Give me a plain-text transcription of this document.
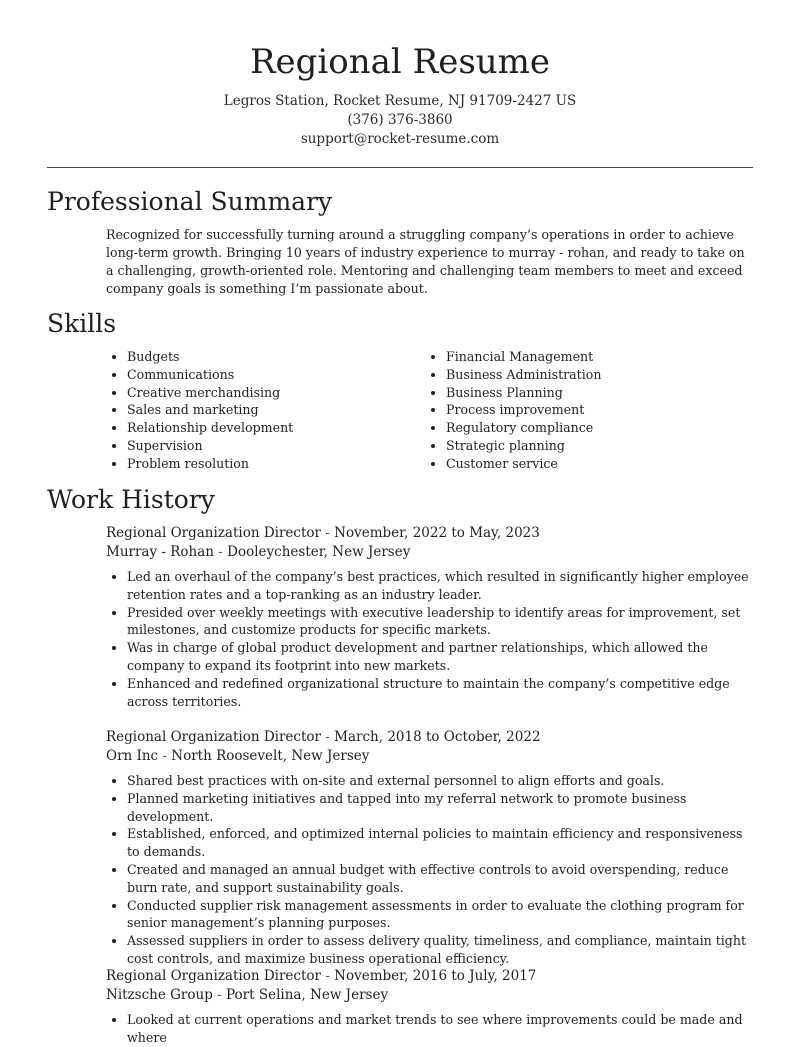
Regional Resume
Legros Station, Rocket Resume, NJ 91709-2427 US
(376) 376-3860
support@rocket-resume.com
Professional Summary

Recognized for successfully turning around a struggling company’s operations in order to achieve long-term growth. Bringing 10 years of industry experience to murray - rohan, and ready to take on a challenging, growth-oriented role. Mentoring and challenging team members to meet and exceed company goals is something I’m passionate about.

Skills
• Budgets
• Communications
• Creative merchandising
• Sales and marketing
• Relationship development
• Supervision
• Problem resolution
• Financial Management
• Business Administration
• Business Planning
• Process improvement
• Regulatory compliance
• Strategic planning
• Customer service
Work History
Regional Organization Director - November, 2022 to May, 2023
Murray - Rohan - Dooleychester, New Jersey
• Led an overhaul of the company’s best practices, which resulted in significantly higher employee retention rates and a top-ranking as an industry leader.
• Presided over weekly meetings with executive leadership to identify areas for improvement, set milestones, and customize products for specific markets.
• Was in charge of global product development and partner relationships, which allowed the company to expand its footprint into new markets.
• Enhanced and redefined organizational structure to maintain the company’s competitive edge across territories.
Regional Organization Director - March, 2018 to October, 2022
Orn Inc - North Roosevelt, New Jersey
• Shared best practices with on-site and external personnel to align efforts and goals.
• Planned marketing initiatives and tapped into my referral network to promote business development.
• Established, enforced, and optimized internal policies to maintain efficiency and responsiveness to demands.
• Created and managed an annual budget with effective controls to avoid overspending, reduce burn rate, and support sustainability goals.
• Conducted supplier risk management assessments in order to evaluate the clothing program for senior management’s planning purposes.
• Assessed suppliers in order to assess delivery quality, timeliness, and compliance, maintain tight cost controls, and maximize business operational efficiency.
Regional Organization Director - November, 2016 to July, 2017
Nitzsche Group - Port Selina, New Jersey
• Looked at current operations and market trends to see where improvements could be made and where
